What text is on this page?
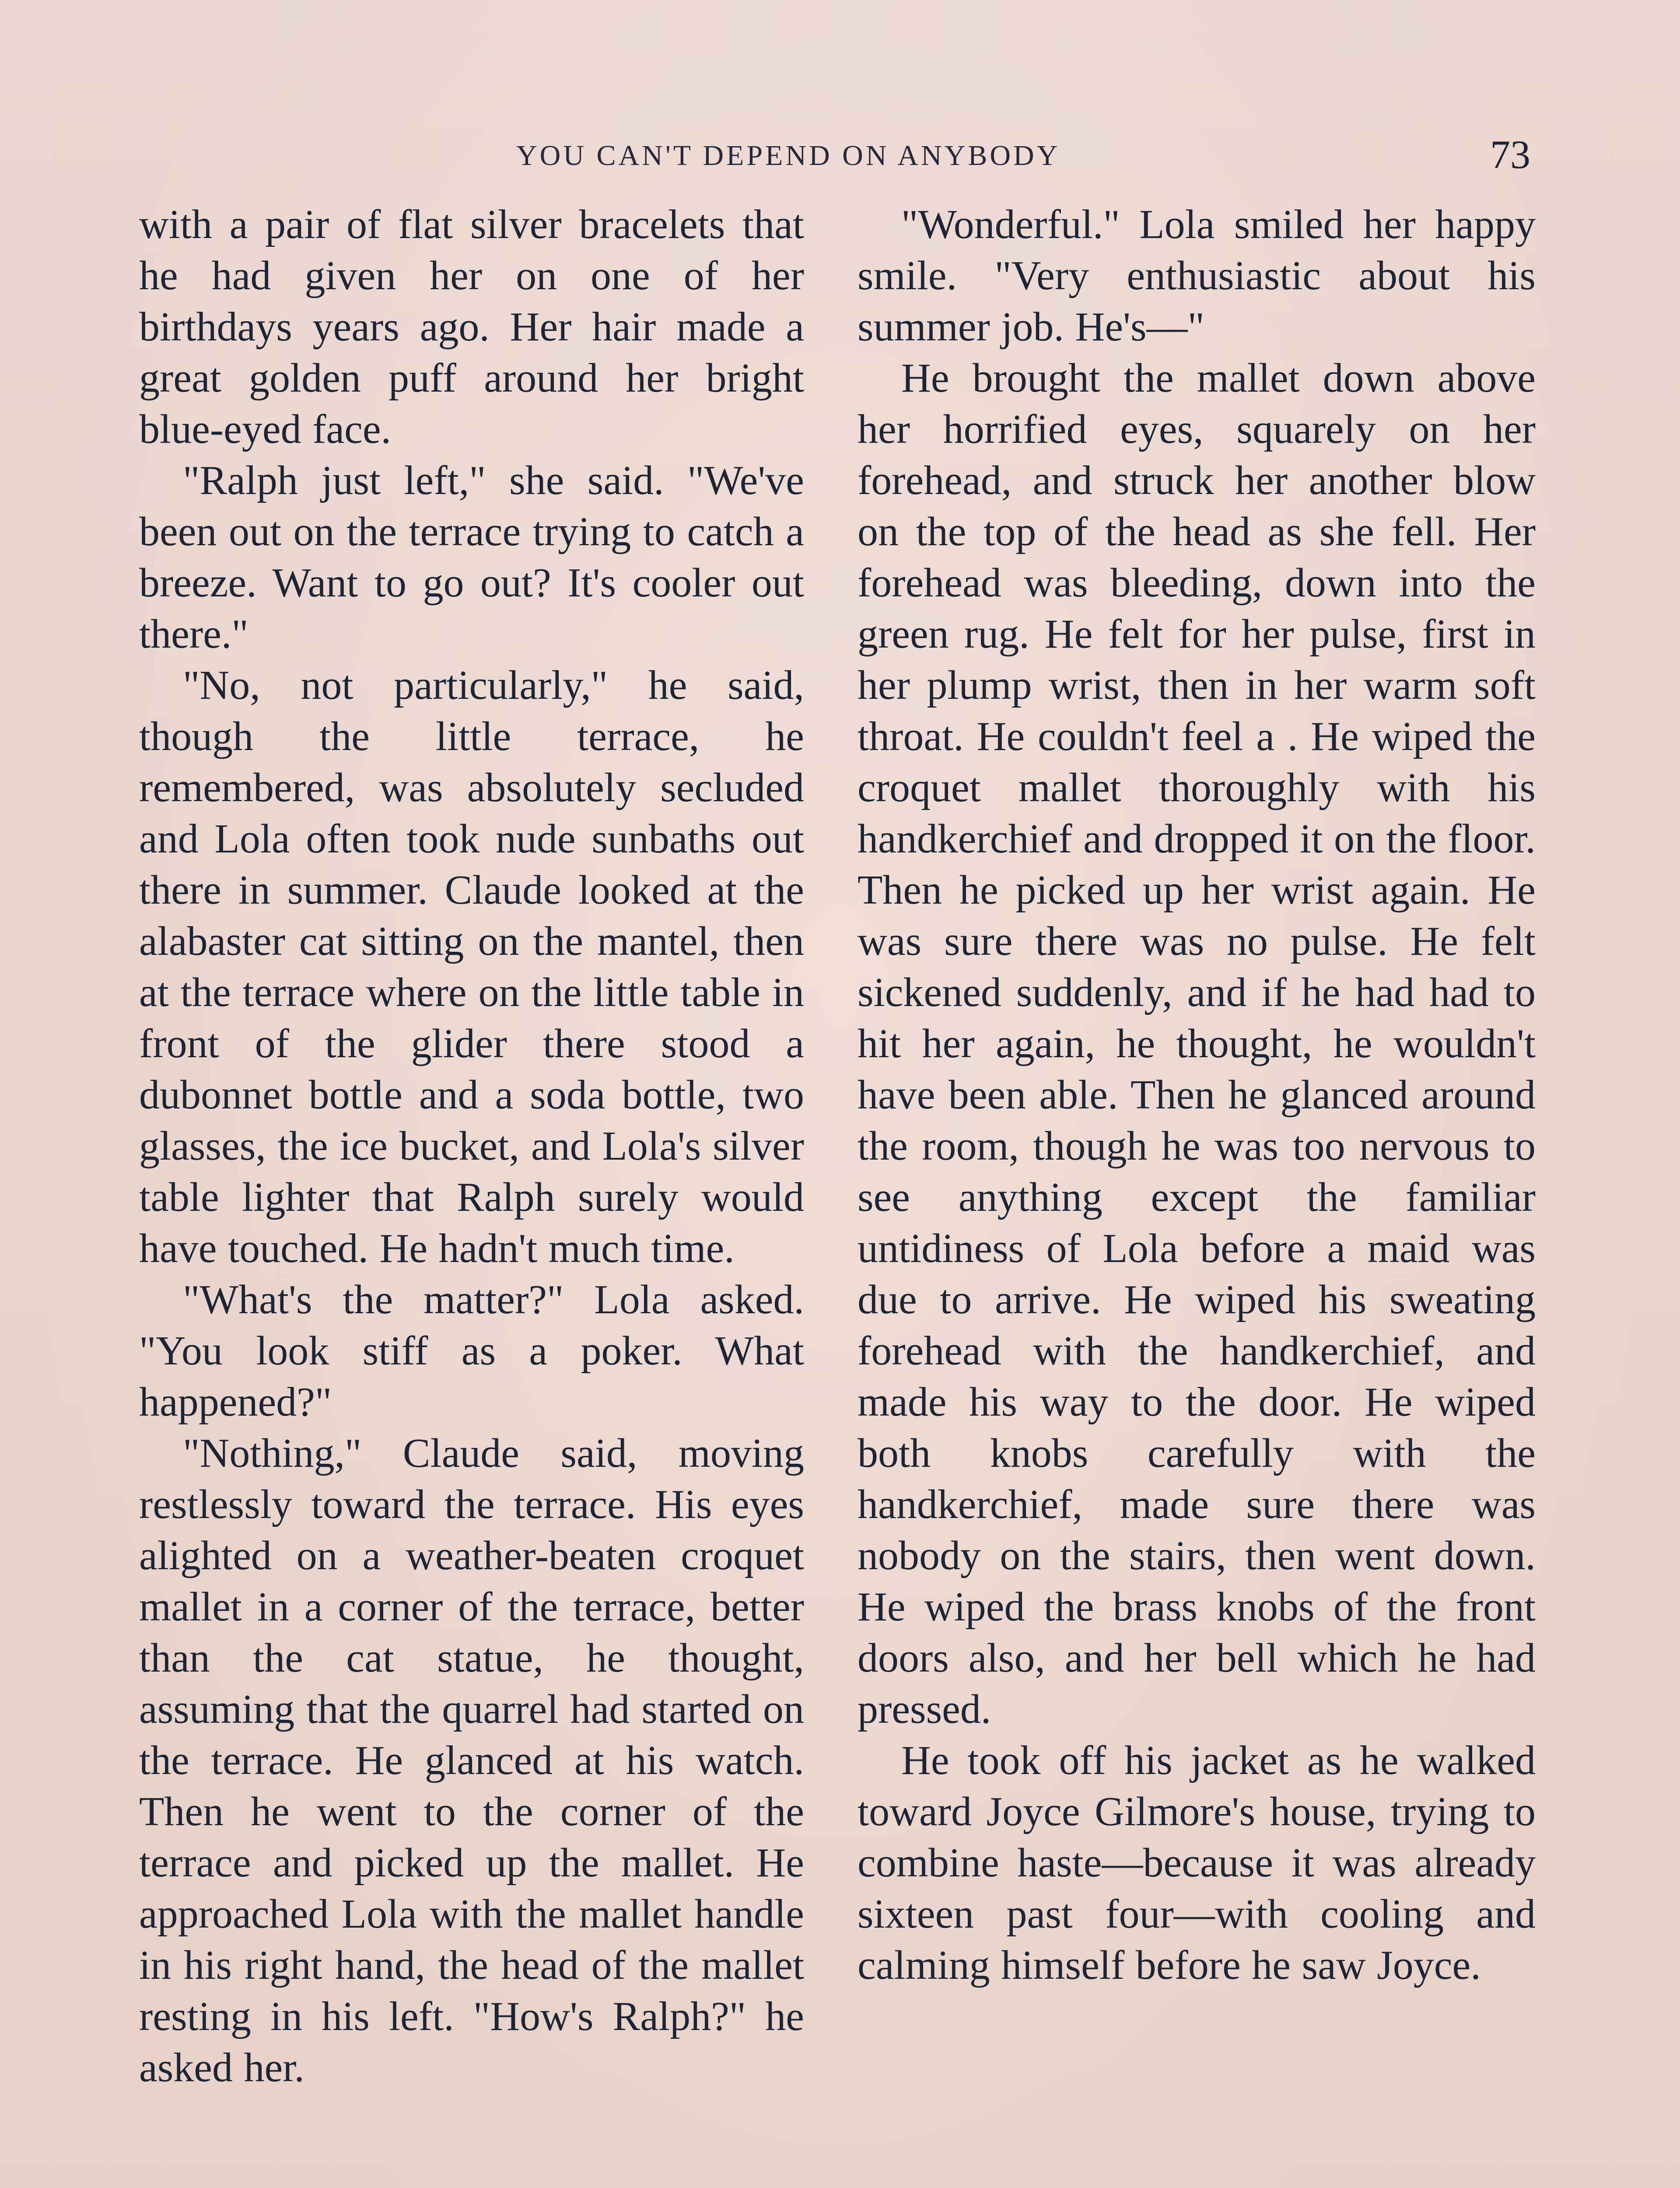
YOU CAN'T DEPEND ON ANYBODY	73

with a pair of flat silver bracelets that he had given her on one of her birthdays years ago. Her hair made a great golden puff around her bright blue-eyed face.

"Ralph just left," she said. "We've been out on the terrace trying to catch a breeze. Want to go out? It's cooler out there."

"No, not particularly," he said, though the little terrace, he remembered, was absolutely secluded and Lola often took nude sunbaths out there in summer. Claude looked at the alabaster cat sitting on the mantel, then at the terrace where on the little table in front of the glider there stood a dubonnet bottle and a soda bottle, two glasses, the ice bucket, and Lola's silver table lighter that Ralph surely would have touched. He hadn't much time.

"What's the matter?" Lola asked. "You look stiff as a poker. What happened?"

"Nothing," Claude said, moving restlessly toward the terrace. His eyes alighted on a weather-beaten croquet mallet in a corner of the terrace, better than the cat statue, he thought, assuming that the quarrel had started on the terrace. He glanced at his watch. Then he went to the corner of the terrace and picked up the mallet. He approached Lola with the mallet handle in his right hand, the head of the mallet resting in his left. "How's Ralph?" he asked her.

"Wonderful." Lola smiled her happy smile. "Very enthusiastic about his summer job. He's—"

He brought the mallet down above her horrified eyes, squarely on her forehead, and struck her another blow on the top of the head as she fell. Her forehead was bleeding, down into the green rug. He felt for her pulse, first in her plump wrist, then in her warm soft throat. He couldn't feel a . He wiped the croquet mallet thoroughly with his handkerchief and dropped it on the floor. Then he picked up her wrist again. He was sure there was no pulse. He felt sickened suddenly, and if he had had to hit her again, he thought, he wouldn't have been able. Then he glanced around the room, though he was too nervous to see anything except the familiar untidiness of Lola before a maid was due to arrive. He wiped his sweating forehead with the handkerchief, and made his way to the door. He wiped both knobs carefully with the handkerchief, made sure there was nobody on the stairs, then went down. He wiped the brass knobs of the front doors also, and her bell which he had pressed.

He took off his jacket as he walked toward Joyce Gilmore's house, trying to combine haste—because it was already sixteen past four—with cooling and calming himself before he saw Joyce.
